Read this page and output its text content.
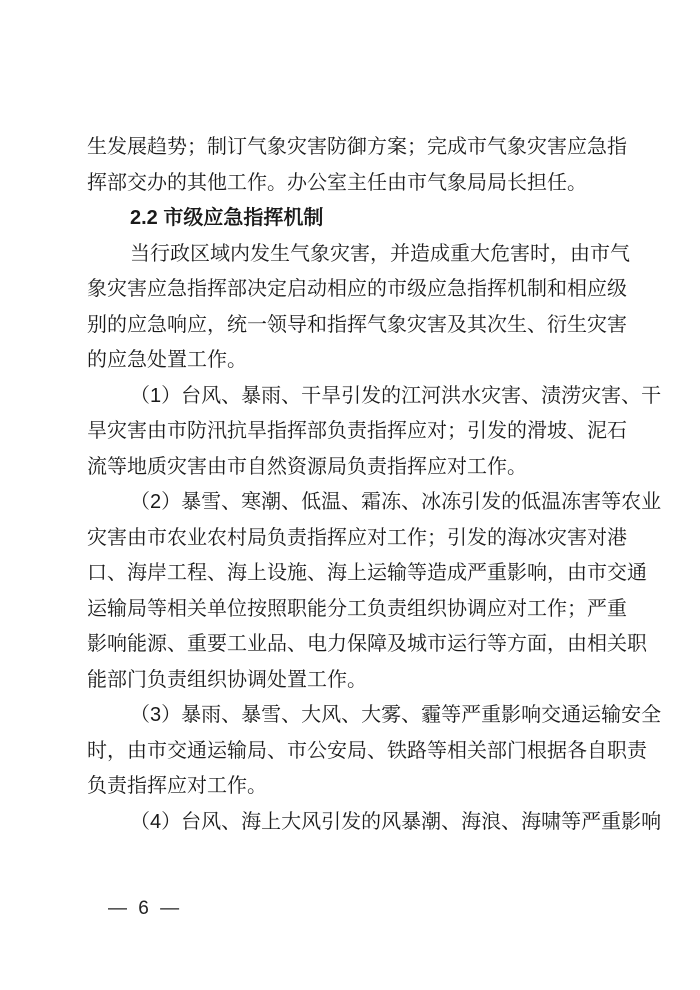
生发展趋势；制订气象灾害防御方案；完成市气象灾害应急指
挥部交办的其他工作。办公室主任由市气象局局长担任。
2.2 市级应急指挥机制
当行政区域内发生气象灾害，并造成重大危害时，由市气
象灾害应急指挥部决定启动相应的市级应急指挥机制和相应级
别的应急响应，统一领导和指挥气象灾害及其次生、衍生灾害
的应急处置工作。
（1）台风、暴雨、干旱引发的江河洪水灾害、渍涝灾害、干
旱灾害由市防汛抗旱指挥部负责指挥应对；引发的滑坡、泥石
流等地质灾害由市自然资源局负责指挥应对工作。
（2）暴雪、寒潮、低温、霜冻、冰冻引发的低温冻害等农业
灾害由市农业农村局负责指挥应对工作；引发的海冰灾害对港
口、海岸工程、海上设施、海上运输等造成严重影响，由市交通
运输局等相关单位按照职能分工负责组织协调应对工作；严重
影响能源、重要工业品、电力保障及城市运行等方面，由相关职
能部门负责组织协调处置工作。
（3）暴雨、暴雪、大风、大雾、霾等严重影响交通运输安全
时，由市交通运输局、市公安局、铁路等相关部门根据各自职责
负责指挥应对工作。
（4）台风、海上大风引发的风暴潮、海浪、海啸等严重影响
— 6 —
